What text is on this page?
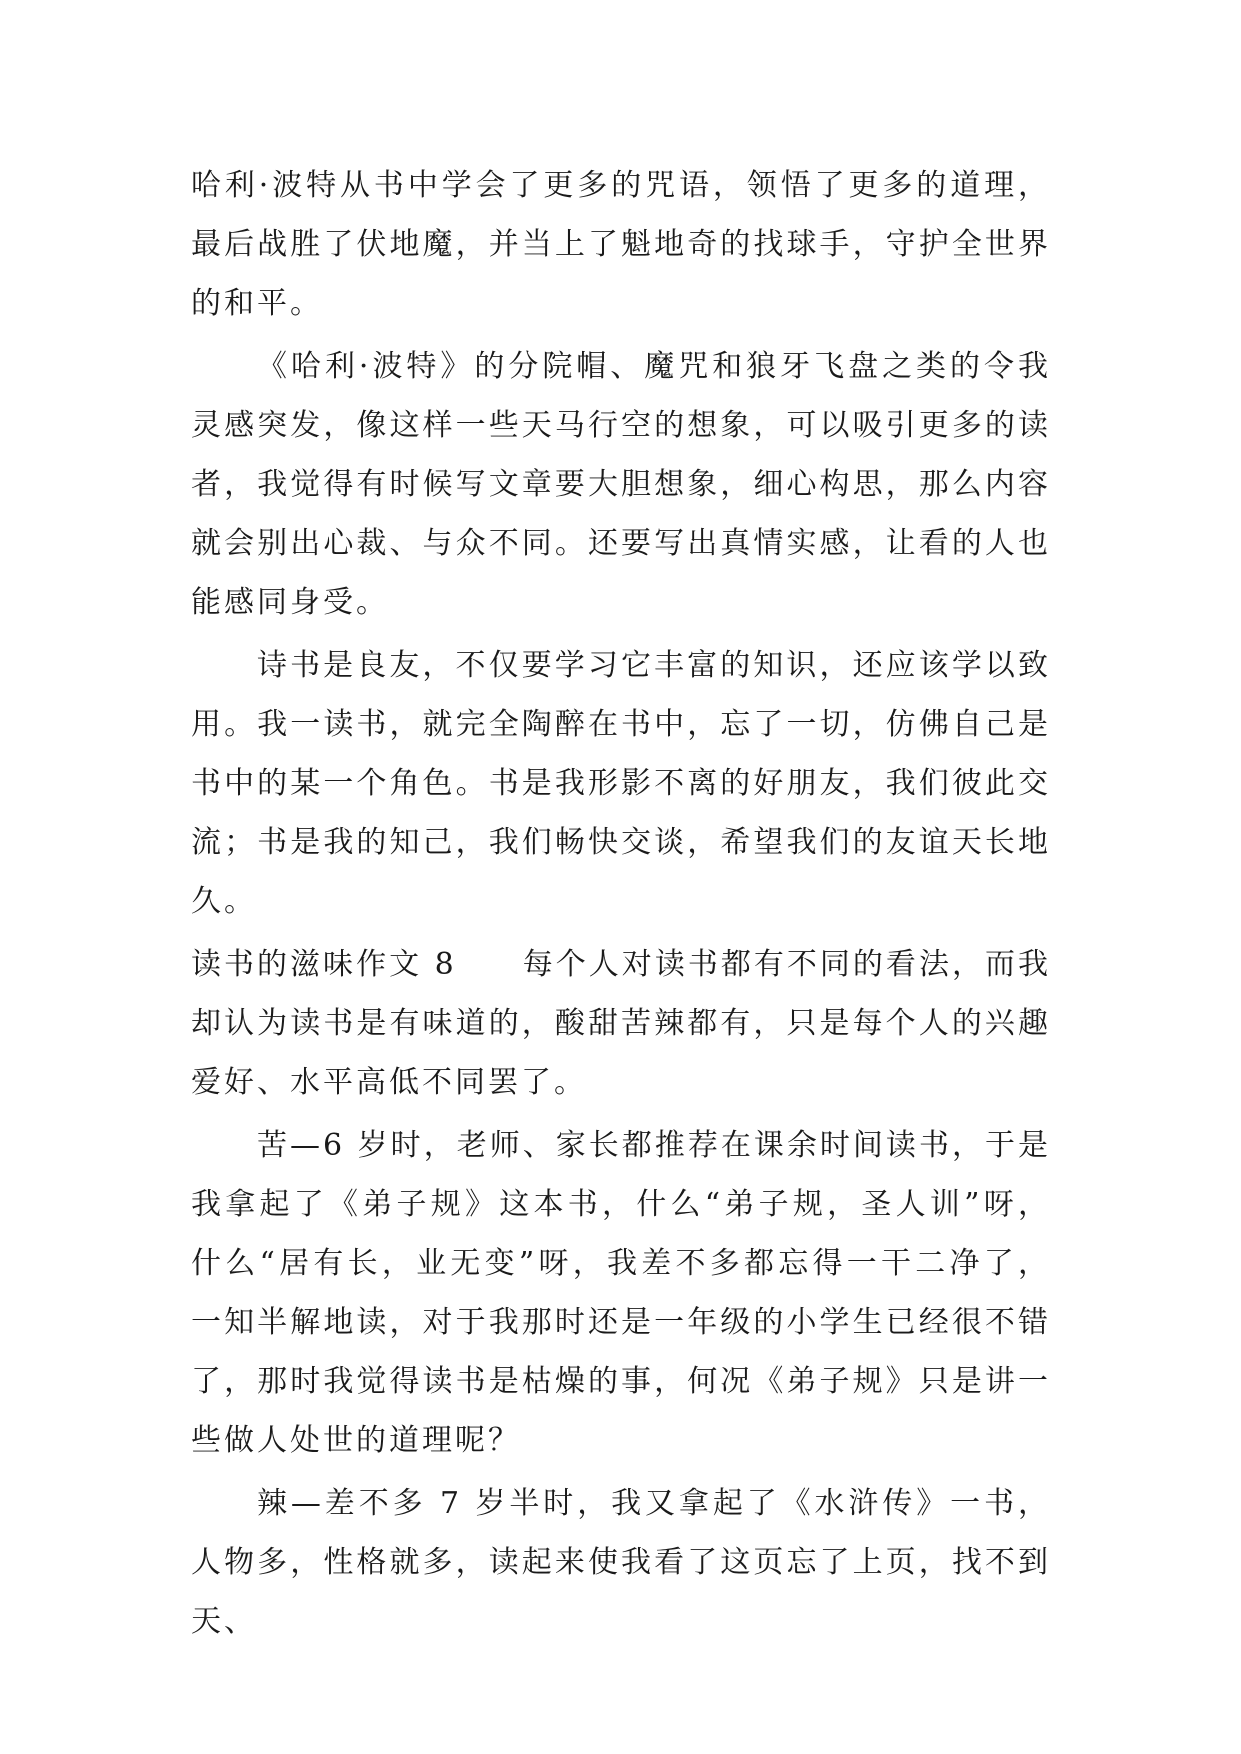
哈利·波特从书中学会了更多的咒语，领悟了更多的道理，最后战胜了伏地魔，并当上了魁地奇的找球手，守护全世界的和平。

《哈利·波特》的分院帽、魔咒和狼牙飞盘之类的令我灵感突发，像这样一些天马行空的想象，可以吸引更多的读者，我觉得有时候写文章要大胆想象，细心构思，那么内容就会别出心裁、与众不同。还要写出真情实感，让看的人也能感同身受。

诗书是良友，不仅要学习它丰富的知识，还应该学以致用。我一读书，就完全陶醉在书中，忘了一切，仿佛自己是书中的某一个角色。书是我形影不离的好朋友，我们彼此交流；书是我的知己，我们畅快交谈，希望我们的友谊天长地久。

读书的滋味作文 8 每个人对读书都有不同的看法，而我却认为读书是有味道的，酸甜苦辣都有，只是每个人的兴趣爱好、水平高低不同罢了。

苦—6 岁时，老师、家长都推荐在课余时间读书，于是我拿起了《弟子规》这本书，什么“弟子规，圣人训”呀，什么“居有长，业无变”呀，我差不多都忘得一干二净了，一知半解地读，对于我那时还是一年级的小学生已经很不错了，那时我觉得读书是枯燥的事，何况《弟子规》只是讲一些做人处世的道理呢？

辣—差不多 7 岁半时，我又拿起了《水浒传》一书，人物多，性格就多，读起来使我看了这页忘了上页，找不到天、
